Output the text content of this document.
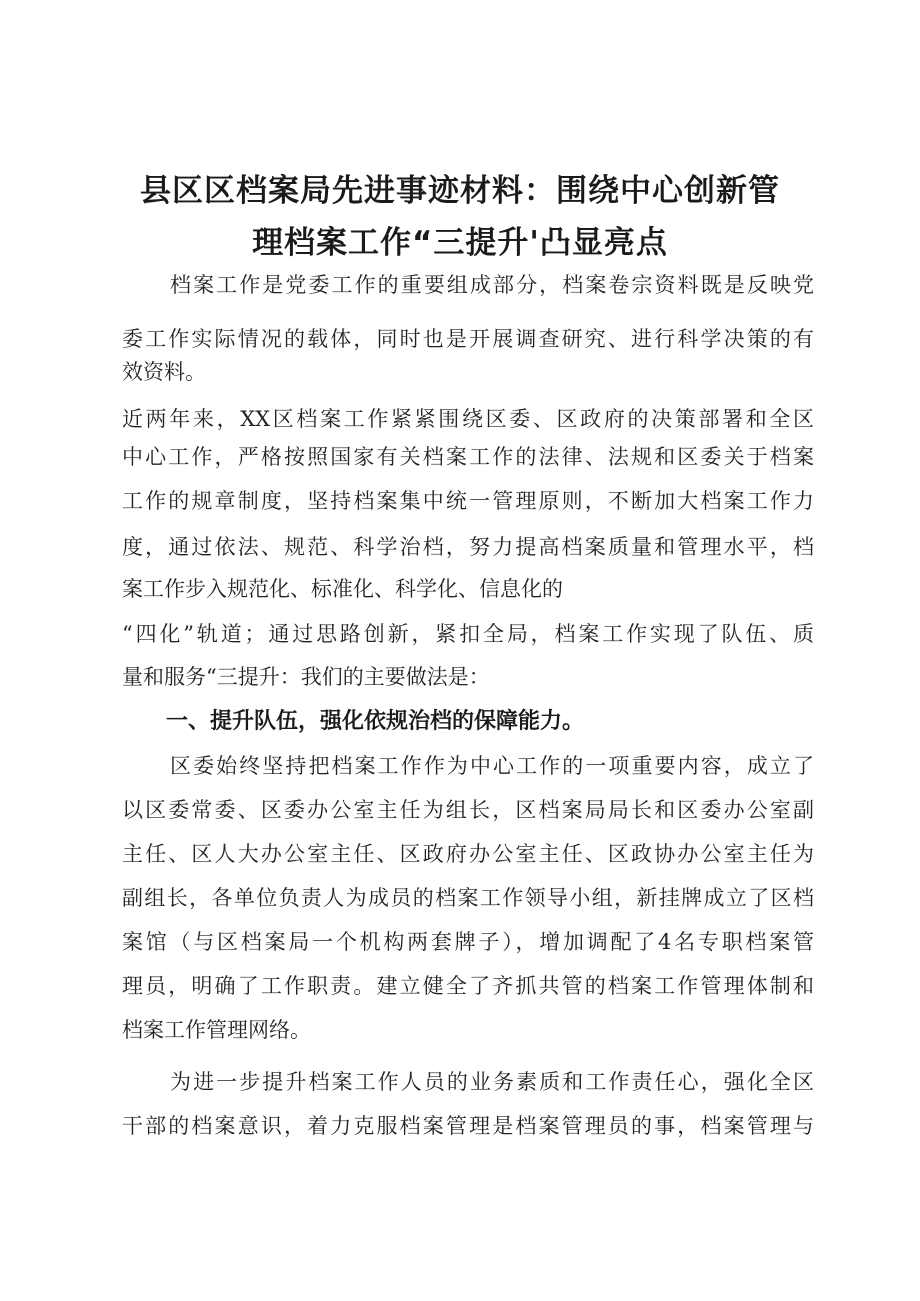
县区区档案局先进事迹材料：围绕中心创新管
理档案工作“三提升'凸显亮点
档案工作是党委工作的重要组成部分，档案卷宗资料既是反映党
委工作实际情况的载体，同时也是开展调查研究、进行科学决策的有
效资料。
近两年来，XX区档案工作紧紧围绕区委、区政府的决策部署和全区
中心工作，严格按照国家有关档案工作的法律、法规和区委关于档案
工作的规章制度，坚持档案集中统一管理原则，不断加大档案工作力
度，通过依法、规范、科学治档，努力提高档案质量和管理水平，档
案工作步入规范化、标准化、科学化、信息化的
“四化”轨道；通过思路创新，紧扣全局，档案工作实现了队伍、质
量和服务“三提升：我们的主要做法是：
一、提升队伍，强化依规治档的保障能力。
区委始终坚持把档案工作作为中心工作的一项重要内容，成立了
以区委常委、区委办公室主任为组长，区档案局局长和区委办公室副
主任、区人大办公室主任、区政府办公室主任、区政协办公室主任为
副组长，各单位负责人为成员的档案工作领导小组，新挂牌成立了区档
案馆（与区档案局一个机构两套牌子），增加调配了4名专职档案管
理员，明确了工作职责。建立健全了齐抓共管的档案工作管理体制和
档案工作管理网络。
为进一步提升档案工作人员的业务素质和工作责任心，强化全区
干部的档案意识，着力克服档案管理是档案管理员的事，档案管理与
